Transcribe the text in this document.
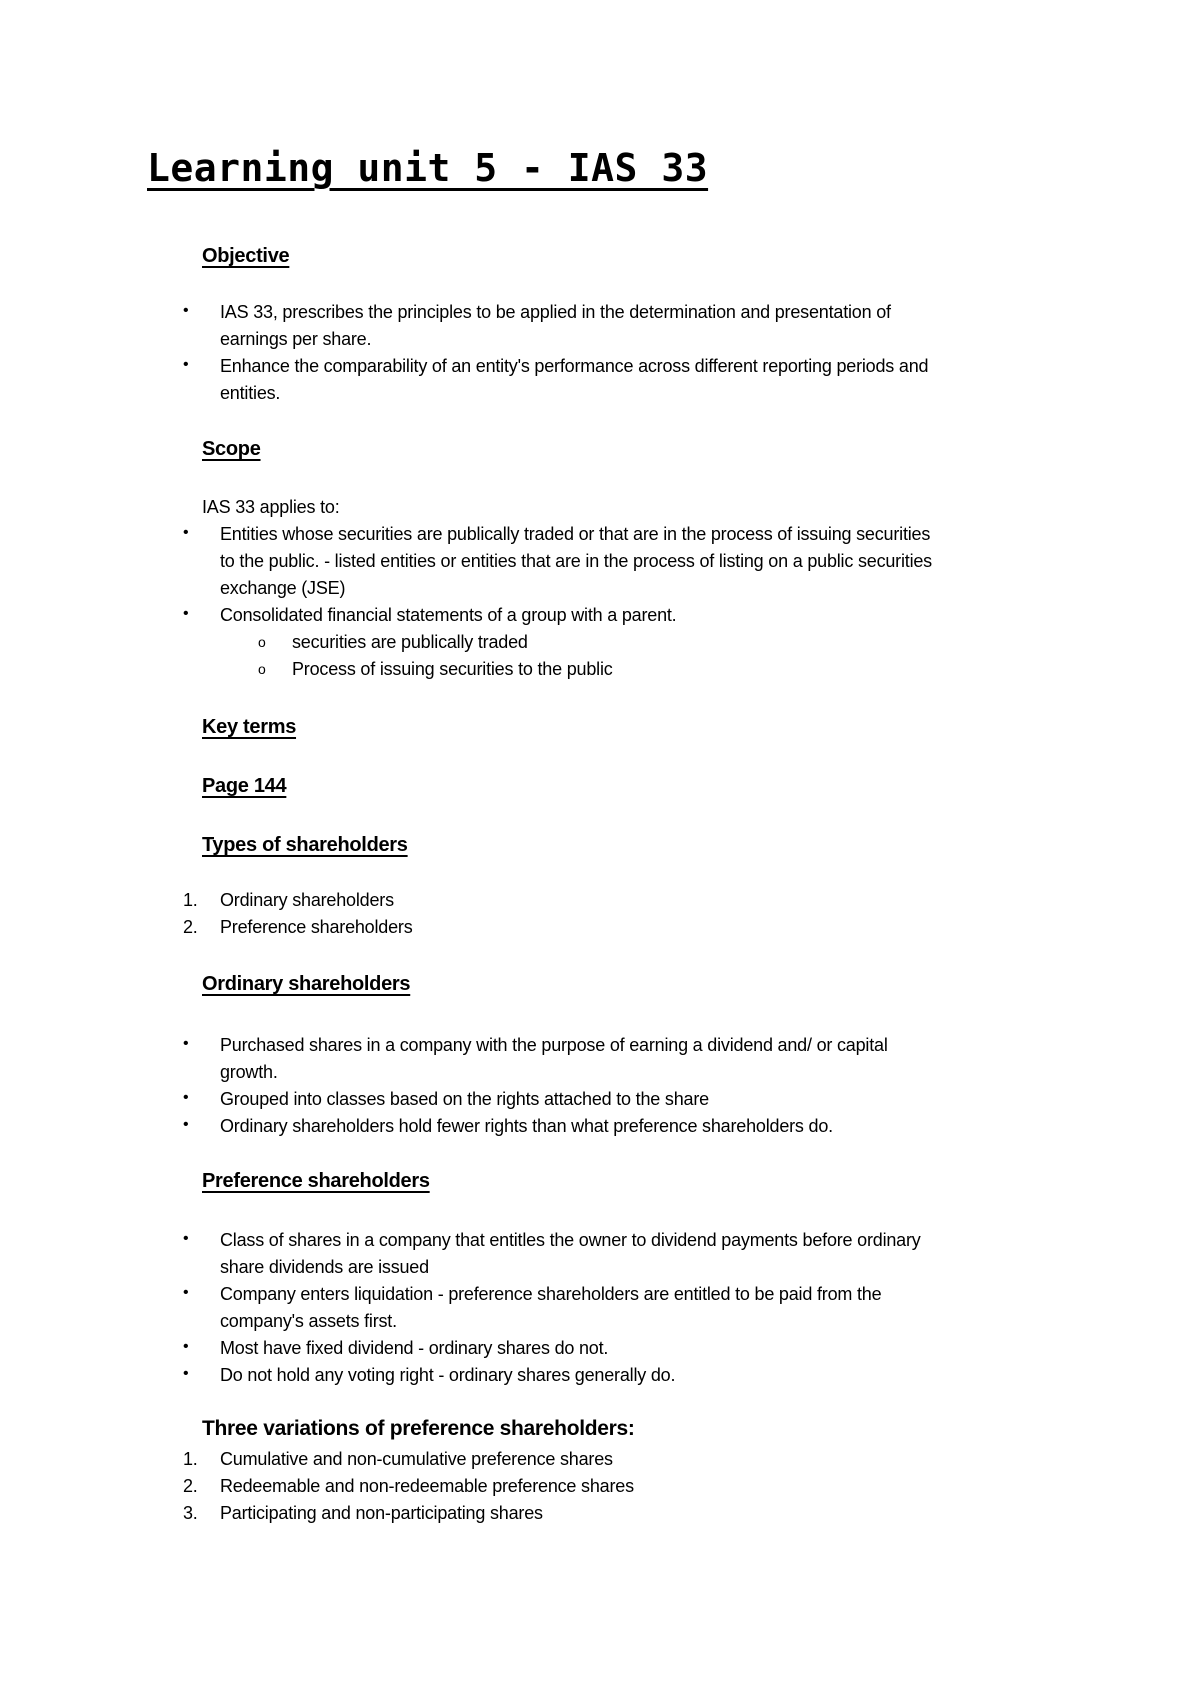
Learning unit 5 - IAS 33
Objective
• IAS 33, prescribes the principles to be applied in the determination and presentation of
earnings per share.
• Enhance the comparability of an entity's performance across different reporting periods and
entities.
Scope

IAS 33 applies to:

• Entities whose securities are publically traded or that are in the process of issuing securities
to the public. - listed entities or entities that are in the process of listing on a public securities
exchange (JSE)
• Consolidated financial statements of a group with a parent.
o securities are publically traded
o Process of issuing securities to the public
Key terms
Page 144
Types of shareholders
1. Ordinary shareholders
2. Preference shareholders
Ordinary shareholders
• Purchased shares in a company with the purpose of earning a dividend and/ or capital
growth.
• Grouped into classes based on the rights attached to the share
• Ordinary shareholders hold fewer rights than what preference shareholders do.
Preference shareholders
• Class of shares in a company that entitles the owner to dividend payments before ordinary
share dividends are issued
• Company enters liquidation - preference shareholders are entitled to be paid from the
company's assets first.
• Most have fixed dividend - ordinary shares do not.
• Do not hold any voting right - ordinary shares generally do.
Three variations of preference shareholders:
1. Cumulative and non-cumulative preference shares
2. Redeemable and non-redeemable preference shares
3. Participating and non-participating shares
